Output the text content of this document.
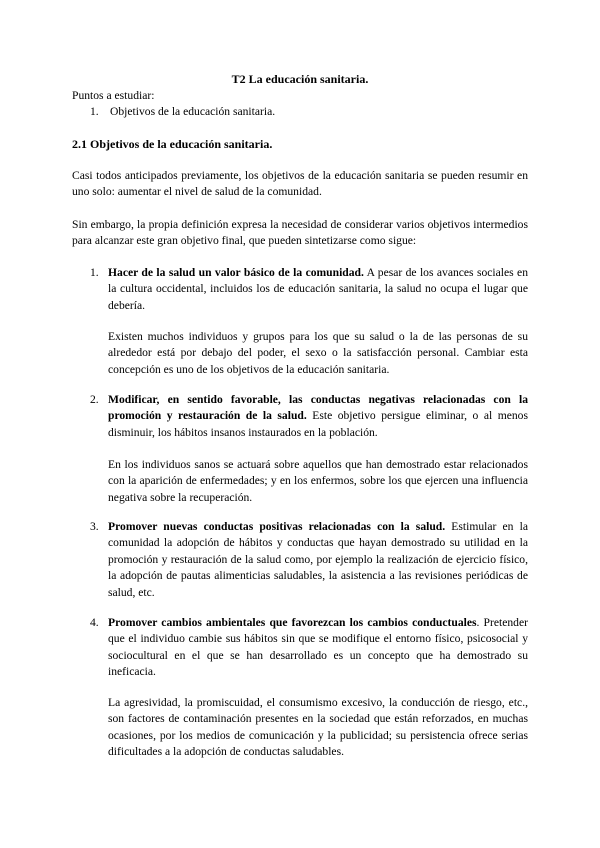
T2 La educación sanitaria.
Puntos a estudiar:
1. Objetivos de la educación sanitaria.
2.1 Objetivos de la educación sanitaria.
Casi todos anticipados previamente, los objetivos de la educación sanitaria se pueden resumir en uno solo: aumentar el nivel de salud de la comunidad.
Sin embargo, la propia definición expresa la necesidad de considerar varios objetivos intermedios para alcanzar este gran objetivo final, que pueden sintetizarse como sigue:
1. Hacer de la salud un valor básico de la comunidad. A pesar de los avances sociales en la cultura occidental, incluidos los de educación sanitaria, la salud no ocupa el lugar que debería.
Existen muchos individuos y grupos para los que su salud o la de las personas de su alrededor está por debajo del poder, el sexo o la satisfacción personal. Cambiar esta concepción es uno de los objetivos de la educación sanitaria.
2. Modificar, en sentido favorable, las conductas negativas relacionadas con la promoción y restauración de la salud. Este objetivo persigue eliminar, o al menos disminuir, los hábitos insanos instaurados en la población.
En los individuos sanos se actuará sobre aquellos que han demostrado estar relacionados con la aparición de enfermedades; y en los enfermos, sobre los que ejercen una influencia negativa sobre la recuperación.
3. Promover nuevas conductas positivas relacionadas con la salud. Estimular en la comunidad la adopción de hábitos y conductas que hayan demostrado su utilidad en la promoción y restauración de la salud como, por ejemplo la realización de ejercicio físico, la adopción de pautas alimenticias saludables, la asistencia a las revisiones periódicas de salud, etc.
4. Promover cambios ambientales que favorezcan los cambios conductuales. Pretender que el individuo cambie sus hábitos sin que se modifique el entorno físico, psicosocial y sociocultural en el que se han desarrollado es un concepto que ha demostrado su ineficacia.
La agresividad, la promiscuidad, el consumismo excesivo, la conducción de riesgo, etc., son factores de contaminación presentes en la sociedad que están reforzados, en muchas ocasiones, por los medios de comunicación y la publicidad; su persistencia ofrece serias dificultades a la adopción de conductas saludables.
